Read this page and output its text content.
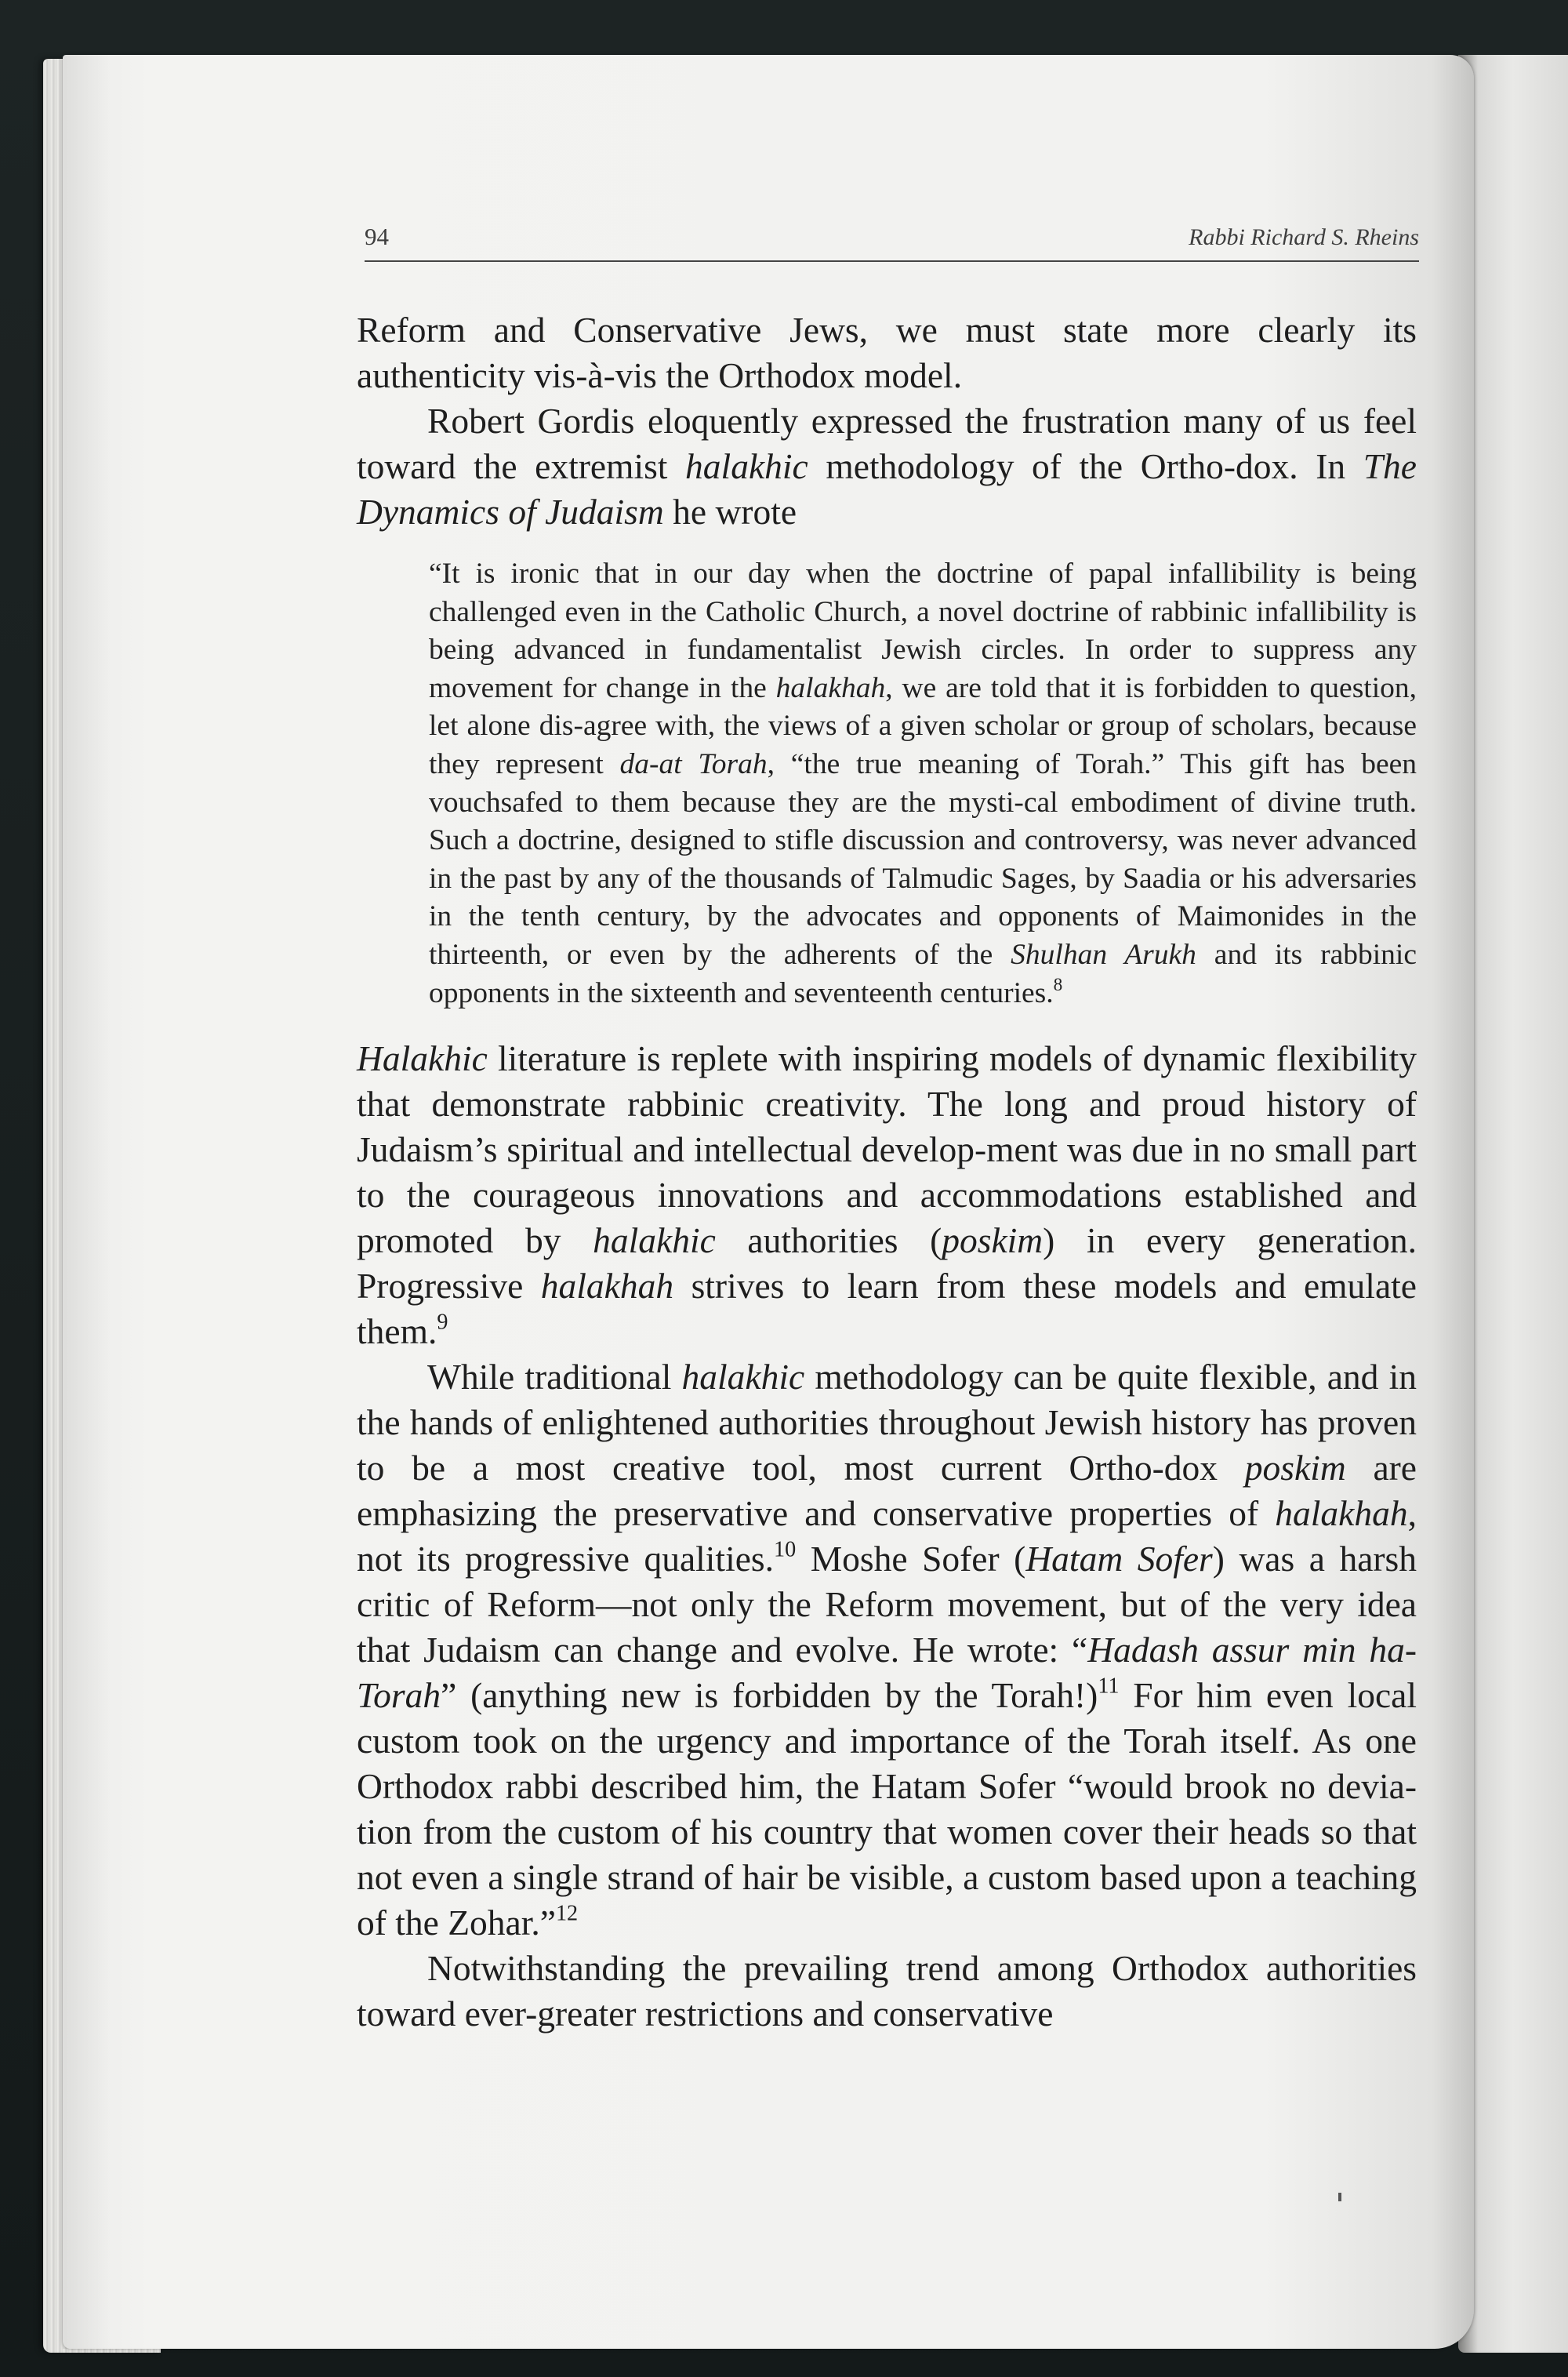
94	Rabbi Richard S. Rheins

Reform and Conservative Jews, we must state more clearly its authenticity vis-à-vis the Orthodox model.

Robert Gordis eloquently expressed the frustration many of us feel toward the extremist halakhic methodology of the Ortho-dox. In The Dynamics of Judaism he wrote

“It is ironic that in our day when the doctrine of papal infallibility is being challenged even in the Catholic Church, a novel doctrine of rabbinic infallibility is being advanced in fundamentalist Jewish circles. In order to suppress any movement for change in the halakhah, we are told that it is forbidden to question, let alone dis-agree with, the views of a given scholar or group of scholars, because they represent da-at Torah, “the true meaning of Torah.” This gift has been vouchsafed to them because they are the mysti-cal embodiment of divine truth. Such a doctrine, designed to stifle discussion and controversy, was never advanced in the past by any of the thousands of Talmudic Sages, by Saadia or his adversaries in the tenth century, by the advocates and opponents of Maimonides in the thirteenth, or even by the adherents of the Shulhan Arukh and its rabbinic opponents in the sixteenth and seventeenth centuries.$^8$

Halakhic literature is replete with inspiring models of dynamic flexibility that demonstrate rabbinic creativity. The long and proud history of Judaism’s spiritual and intellectual develop-ment was due in no small part to the courageous innovations and accommodations established and promoted by halakhic authorities (poskim) in every generation. Progressive halakhah strives to learn from these models and emulate them.$^9$

While traditional halakhic methodology can be quite flexible, and in the hands of enlightened authorities throughout Jewish history has proven to be a most creative tool, most current Ortho-dox poskim are emphasizing the preservative and conservative properties of halakhah, not its progressive qualities.$^{10}$ Moshe Sofer (Hatam Sofer) was a harsh critic of Reform—not only the Reform movement, but of the very idea that Judaism can change and evolve. He wrote: “Hadash assur min ha-Torah” (anything new is forbidden by the Torah!)$^{11}$ For him even local custom took on the urgency and importance of the Torah itself. As one Orthodox rabbi described him, the Hatam Sofer “would brook no devia-tion from the custom of his country that women cover their heads so that not even a single strand of hair be visible, a custom based upon a teaching of the Zohar.”$^{12}$

Notwithstanding the prevailing trend among Orthodox authorities toward ever-greater restrictions and conservative
